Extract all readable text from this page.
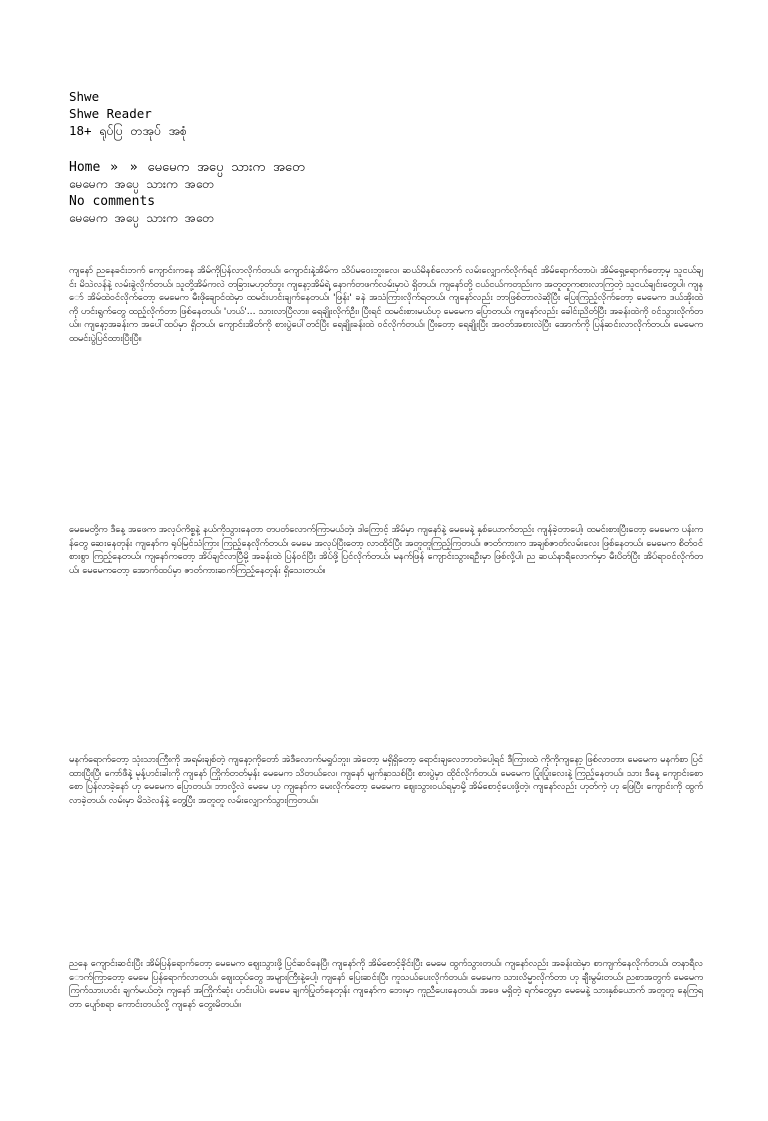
Shwe
Shwe Reader
18+ ရုပ်ပြ တအုပ် အစုံ
Home » » မေမေက အပ္ပေ သားက အတေ
မေမေက အပ္ပေ သားက အတေ
No comments
မေမေက အပ္ပေ သားက အတေ

ကျနော် ညနေခင်းဘက် ကျောင်းကနေ အိမ်ကိုပြန်လာလိုက်တယ်၊ ကျောင်းနဲ့အိမ်က သိပ်မဝေးဘူးလေ၊ ဆယ်မိနစ်လောက် လမ်းလျှောက်လိုက်ရင် အိမ်ရောက်တာပဲ၊ အိမ်ရှေ့ရောက်တော့မှ သူငယ်ချင်း မိသဲလန်နဲ့ လမ်းခွဲလိုက်တယ်၊ သူတို့အိမ်ကလဲ တခြားမဟုတ်ဘူး ကျနော့အိမ်ရဲ့ နောက်တဖက်လမ်းမှာပဲ ရှိတယ်၊ ကျနော်တို့ ငယ်ငယ်ကတည်းက အတူတူကစားလာကြတဲ့ သူငယ်ချင်းတွေပါ၊ ကျနော် အိမ်ထဲဝင်လိုက်တော့ မေမေက မီးဖိုချောင်ထဲမှာ ထမင်းဟင်းချက်နေတယ်၊ 'ဖြန်း' ခနဲ အသံကြားလိုက်ရတယ်၊ ကျနော်လည်း ဘာဖြစ်တာလဲဆိုပြီး ပြေးကြည့်လိုက်တော့ မေမေက ဒယ်အိုးထဲကို ဟင်းရွက်တွေ ထည့်လိုက်တာ ဖြစ်နေတယ်၊ 'ဟယ်'... သားလာပြီလား၊ ရေချိုးလိုက်ဦး၊ ပြီးရင် ထမင်းစားမယ်ဟု မေမေက ပြောတယ်၊ ကျနော်လည်း ခေါင်းညိတ်ပြီး အခန်းထဲကို ဝင်သွားလိုက်တယ်။ ကျနော့အခန်းက အပေါ်ထပ်မှာ ရှိတယ်၊ ကျောင်းအိတ်ကို စားပွဲပေါ်တင်ပြီး ရေချိုးခန်းထဲ ဝင်လိုက်တယ်၊ ပြီးတော့ ရေချိုးပြီး အဝတ်အစားလဲပြီး အောက်ကို ပြန်ဆင်းလာလိုက်တယ်၊ မေမေက ထမင်းပွဲပြင်ထားပြီးပြီ။

မေမေတို့က ဒီနေ့ အဖေက အလုပ်ကိစ္စနဲ့ နယ်ကိုသွားနေတာ တပတ်လောက်ကြာမယ်တဲ့၊ ဒါကြောင့် အိမ်မှာ ကျနော်နဲ့ မေမေနဲ့ နှစ်ယောက်တည်း ကျန်ခဲ့တာပေါ့၊ ထမင်းစားပြီးတော့ မေမေက ပန်းကန်တွေ ဆေးနေတုန်း ကျနော်က ရုပ်မြင်သံကြား ကြည့်နေလိုက်တယ်၊ မေမေ အလုပ်ပြီးတော့ လာထိုင်ပြီး အတူတူကြည့်ကြတယ်၊ ဇာတ်ကားက အချစ်ဇာတ်လမ်းလေး ဖြစ်နေတယ်၊ မေမေက စိတ်ဝင်စားစွာ ကြည့်နေတယ်၊ ကျနော်ကတော့ အိပ်ချင်လာပြီမို့ အခန်းထဲ ပြန်ဝင်ပြီး အိပ်ဖို့ ပြင်လိုက်တယ်၊ မနက်ဖြန် ကျောင်းသွားရဦးမှာ ဖြစ်လို့ပါ၊ ည ဆယ်နာရီလောက်မှာ မီးပိတ်ပြီး အိပ်ရာဝင်လိုက်တယ်၊ မေမေကတော့ အောက်ထပ်မှာ ဇာတ်ကားဆက်ကြည့်နေတုန်း ရှိသေးတယ်။

မနက်ရောက်တော့ သုံးသားကြီးကို အရမ်းချစ်တဲ့ ကျနော့ကိုတော် အဲဒီလောက်မရှုပ်ဘူး၊ အဲတော့ မရှိရှိတော့ ရောင်းချလေဘာတဲပေါ့ရင် ဒီကြားထဲ ကိုကိုကျနော့ ဖြစ်လာတာ၊ မေမေက မနက်စာ ပြင်ထားပြီးပြီ၊ ကော်ဖီနဲ့ မုန့်ဟင်းခါးကို ကျနော် ကြိုက်တတ်မှန်း မေမေက သိတယ်လေ၊ ကျနော် မျက်နှာသစ်ပြီး စားပွဲမှာ ထိုင်လိုက်တယ်၊ မေမေက ပြုံးပြုံးလေးနဲ့ ကြည့်နေတယ်၊ သား ဒီနေ့ ကျောင်းစောစော ပြန်လာခဲ့နော် ဟု မေမေက ပြောတယ်၊ ဘာလို့လဲ မေမေ ဟု ကျနော်က မေးလိုက်တော့ မေမေက ဈေးသွားဝယ်ရမှာမို့ အိမ်စောင့်ပေးဖို့တဲ့၊ ကျနော်လည်း ဟုတ်ကဲ့ ဟု ဖြေပြီး ကျောင်းကို ထွက်လာခဲ့တယ်၊ လမ်းမှာ မိသဲလန်နဲ့ တွေ့ပြီး အတူတူ လမ်းလျှောက်သွားကြတယ်။

ညနေ ကျောင်းဆင်းပြီး အိမ်ပြန်ရောက်တော့ မေမေက ဈေးသွားဖို့ ပြင်ဆင်နေပြီ၊ ကျနော်ကို အိမ်စောင့်ခိုင်းပြီး မေမေ ထွက်သွားတယ်၊ ကျနော်လည်း အခန်းထဲမှာ စာကျက်နေလိုက်တယ်၊ တနာရီလောက်ကြာတော့ မေမေ ပြန်ရောက်လာတယ်၊ ဈေးထုပ်တွေ အများကြီးနဲ့ပေါ့၊ ကျနော် ပြေးဆင်းပြီး ကူသယ်ပေးလိုက်တယ်၊ မေမေက သားလိမ္မာလိုက်တာ ဟု ချီးမွမ်းတယ်၊ ညစာအတွက် မေမေက ကြက်သားဟင်း ချက်မယ်တဲ့၊ ကျနော် အကြိုက်ဆုံး ဟင်းပါပဲ၊ မေမေ ချက်ပြုတ်နေတုန်း ကျနော်က ဘေးမှာ ကူညီပေးနေတယ်၊ အဖေ မရှိတဲ့ ရက်တွေမှာ မေမေနဲ့ သားနှစ်ယောက် အတူတူ နေကြရတာ ပျော်စရာ ကောင်းတယ်လို့ ကျနော် တွေးမိတယ်။
